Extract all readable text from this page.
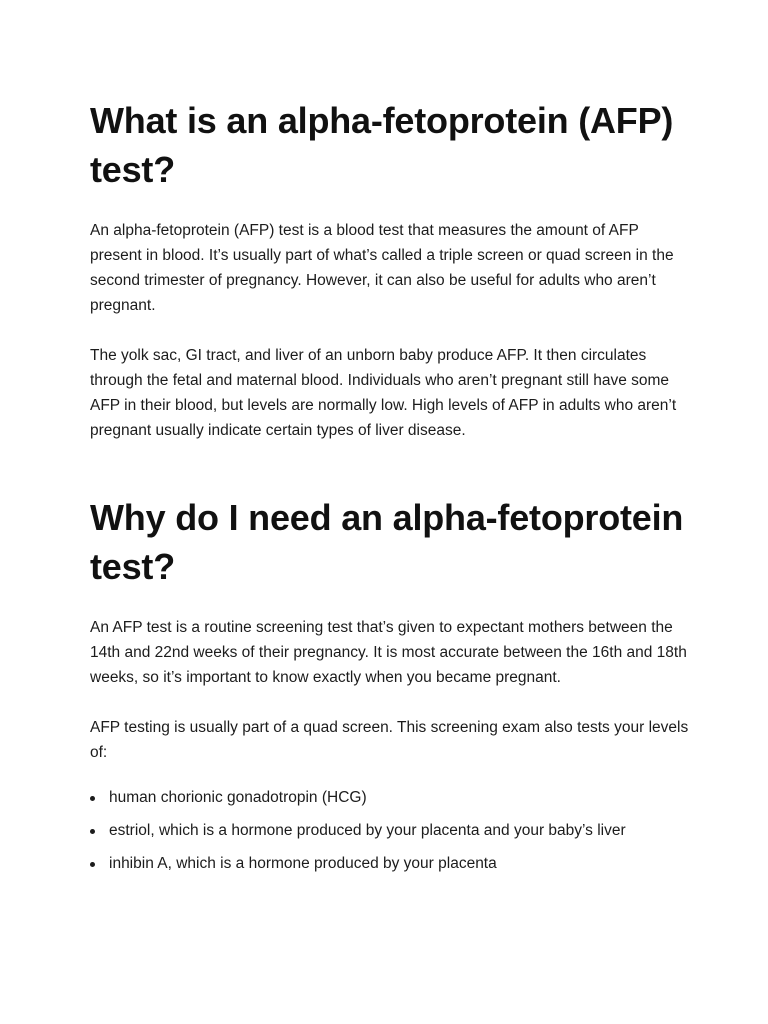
What is an alpha-fetoprotein (AFP) test?

An alpha-fetoprotein (AFP) test is a blood test that measures the amount of AFP present in blood. It’s usually part of what’s called a triple screen or quad screen in the second trimester of pregnancy. However, it can also be useful for adults who aren’t pregnant.

The yolk sac, GI tract, and liver of an unborn baby produce AFP. It then circulates through the fetal and maternal blood. Individuals who aren’t pregnant still have some AFP in their blood, but levels are normally low. High levels of AFP in adults who aren’t pregnant usually indicate certain types of liver disease.

Why do I need an alpha-fetoprotein test?

An AFP test is a routine screening test that’s given to expectant mothers between the 14th and 22nd weeks of their pregnancy. It is most accurate between the 16th and 18th weeks, so it’s important to know exactly when you became pregnant.

AFP testing is usually part of a quad screen. This screening exam also tests your levels of:

human chorionic gonadotropin (HCG)
estriol, which is a hormone produced by your placenta and your baby’s liver
inhibin A, which is a hormone produced by your placenta
